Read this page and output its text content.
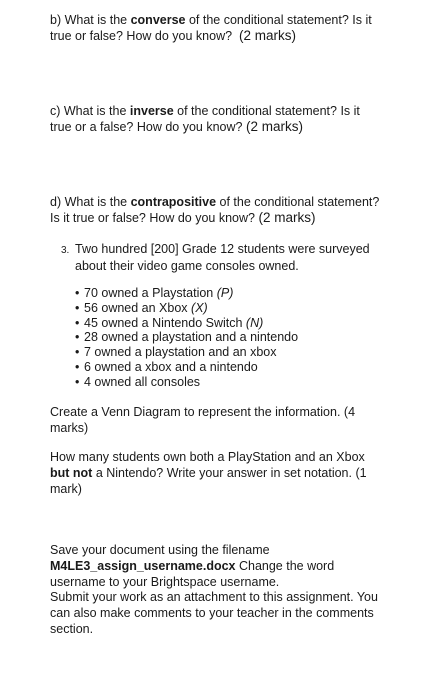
b) What is the converse of the conditional statement? Is it true or false? How do you know? (2 marks)
c) What is the inverse of the conditional statement? Is it true or a false? How do you know? (2 marks)
d) What is the contrapositive of the conditional statement? Is it true or false? How do you know? (2 marks)
3. Two hundred [200] Grade 12 students were surveyed
about their video game consoles owned.
• 70 owned a Playstation (P)
• 56 owned an Xbox (X)
• 45 owned a Nintendo Switch (N)
• 28 owned a playstation and a nintendo
• 7 owned a playstation and an xbox
• 6 owned a xbox and a nintendo
• 4 owned all consoles
Create a Venn Diagram to represent the information. (4 marks)
How many students own both a PlayStation and an Xbox but not a Nintendo? Write your answer in set notation. (1 mark)
Save your document using the filename M4LE3_assign_username.docx Change the word username to your Brightspace username.
Submit your work as an attachment to this assignment. You can also make comments to your teacher in the comments section.
